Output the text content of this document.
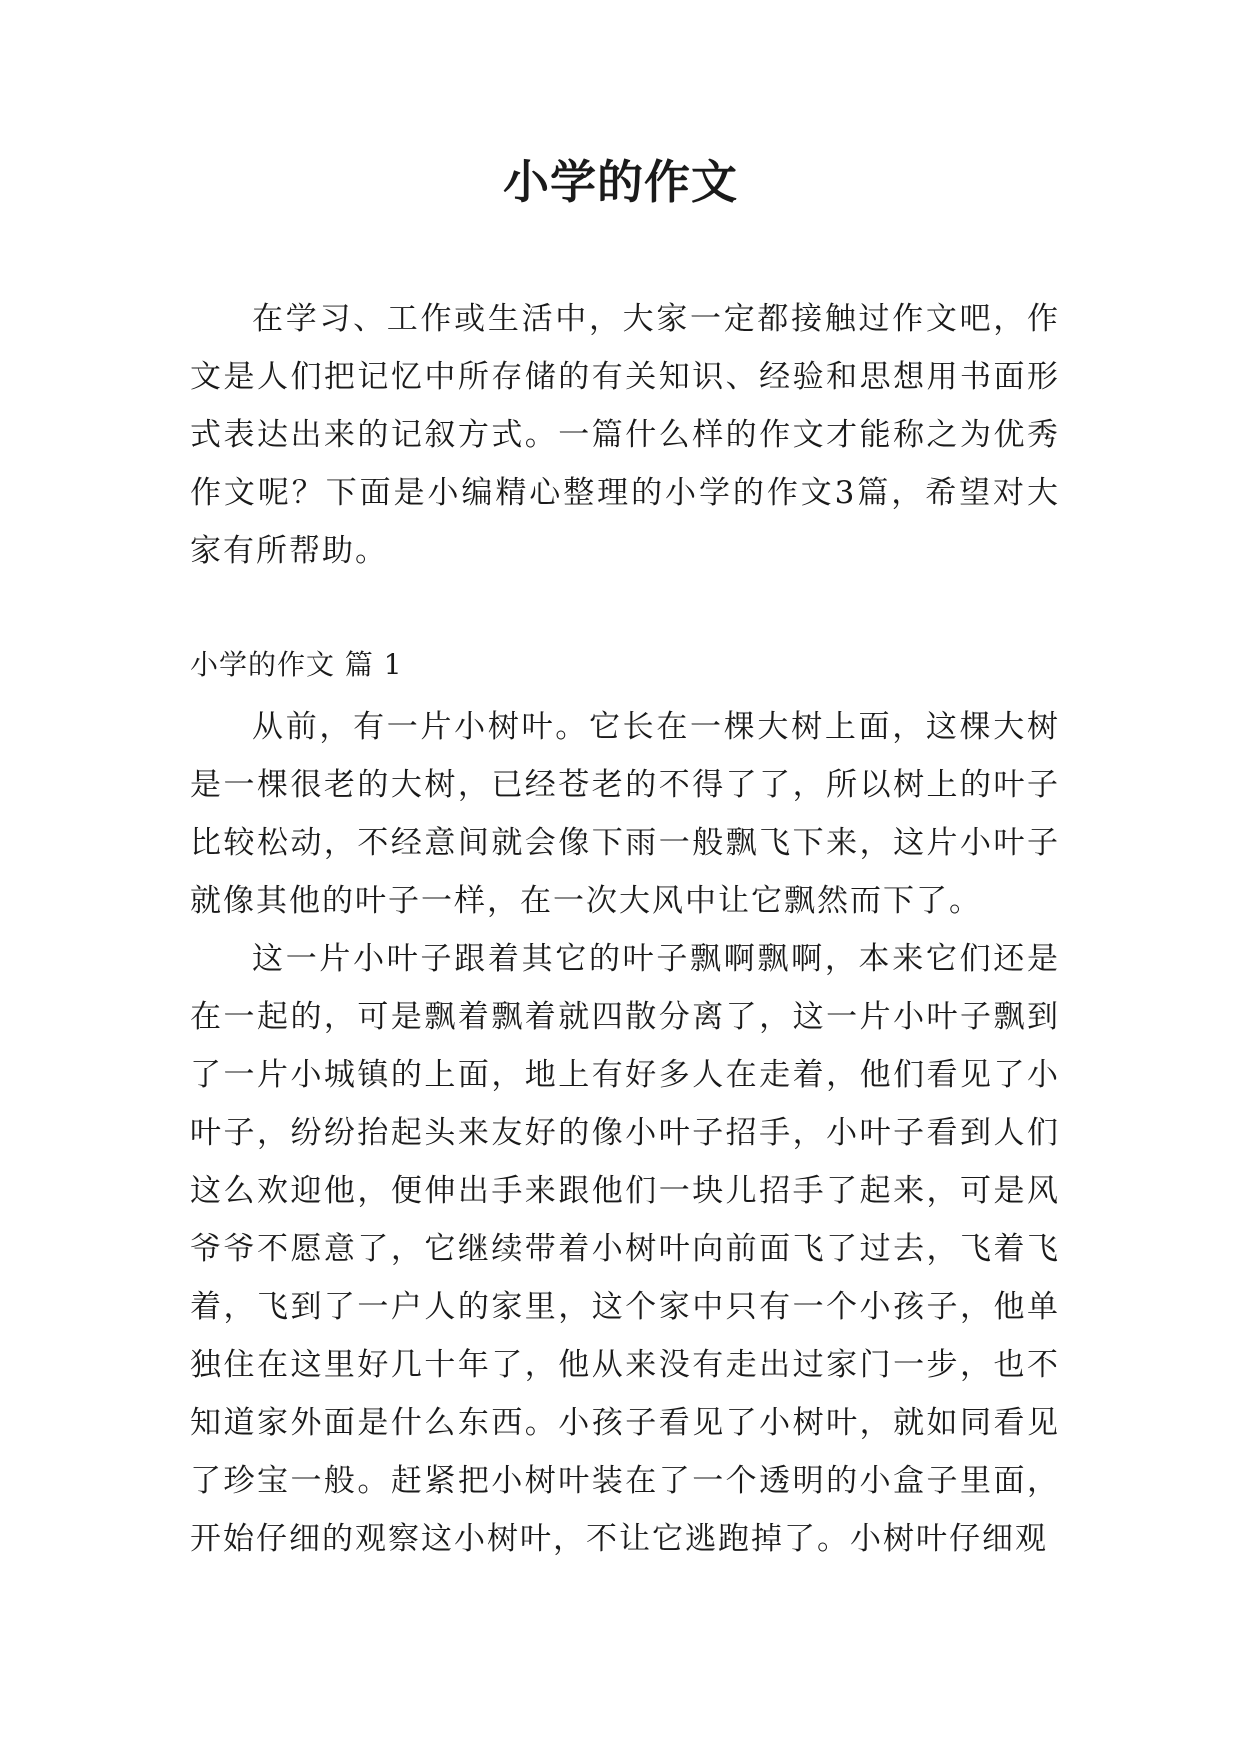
小学的作文

在学习、工作或生活中，大家一定都接触过作文吧，作文是人们把记忆中所存储的有关知识、经验和思想用书面形式表达出来的记叙方式。一篇什么样的作文才能称之为优秀作文呢？下面是小编精心整理的小学的作文3篇，希望对大家有所帮助。

小学的作文 篇 1

从前，有一片小树叶。它长在一棵大树上面，这棵大树是一棵很老的大树，已经苍老的不得了了，所以树上的叶子比较松动，不经意间就会像下雨一般飘飞下来，这片小叶子就像其他的叶子一样，在一次大风中让它飘然而下了。

这一片小叶子跟着其它的叶子飘啊飘啊，本来它们还是在一起的，可是飘着飘着就四散分离了，这一片小叶子飘到了一片小城镇的上面，地上有好多人在走着，他们看见了小叶子，纷纷抬起头来友好的像小叶子招手，小叶子看到人们这么欢迎他，便伸出手来跟他们一块儿招手了起来，可是风爷爷不愿意了，它继续带着小树叶向前面飞了过去，飞着飞着，飞到了一户人的家里，这个家中只有一个小孩子，他单独住在这里好几十年了，他从来没有走出过家门一步，也不知道家外面是什么东西。小孩子看见了小树叶，就如同看见了珍宝一般。赶紧把小树叶装在了一个透明的小盒子里面，开始仔细的观察这小树叶，不让它逃跑掉了。小树叶仔细观
